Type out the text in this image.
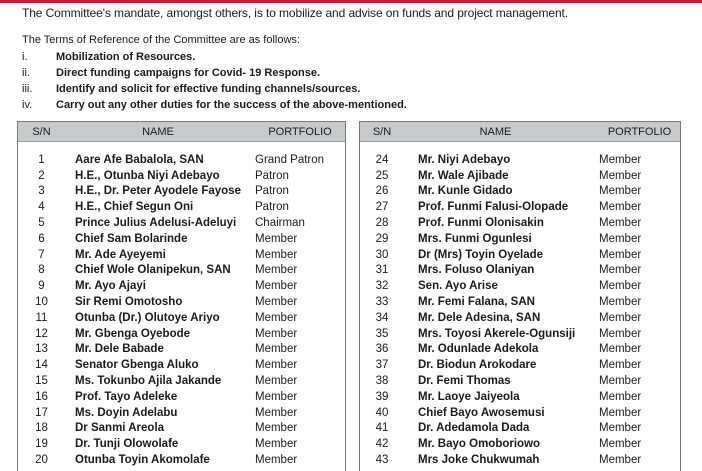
The Committee's mandate, amongst others, is to mobilize and advise on funds and project management.
The Terms of Reference of the Committee are as follows:
i.	Mobilization of Resources.
ii.	Direct funding campaigns for Covid- 19 Response.
iii.	Identify and solicit for effective funding channels/sources.
iv.	Carry out any other duties for the success of the above-mentioned.
S/N	NAME	PORTFOLIO
1	Aare Afe Babalola, SAN	Grand Patron
2	H.E., Otunba Niyi Adebayo	Patron
3	H.E., Dr. Peter Ayodele Fayose	Patron
4	H.E., Chief Segun Oni	Patron
5	Prince Julius Adelusi-Adeluyi	Chairman
6	Chief Sam Bolarinde	Member
7	Mr. Ade Ayeyemi	Member
8	Chief Wole Olanipekun, SAN	Member
9	Mr. Ayo Ajayi	Member
10	Sir Remi Omotosho	Member
11	Otunba (Dr.) Olutoye Ariyo	Member
12	Mr. Gbenga Oyebode	Member
13	Mr. Dele Babade	Member
14	Senator Gbenga Aluko	Member
15	Ms. Tokunbo Ajila Jakande	Member
16	Prof. Tayo Adeleke	Member
17	Ms. Doyin Adelabu	Member
18	Dr Sanmi Areola	Member
19	Dr. Tunji Olowolafe	Member
20	Otunba Toyin Akomolafe	Member
S/N	NAME	PORTFOLIO
24	Mr. Niyi Adebayo	Member
25	Mr. Wale Ajibade	Member
26	Mr. Kunle Gidado	Member
27	Prof. Funmi Falusi-Olopade	Member
28	Prof. Funmi Olonisakin	Member
29	Mrs. Funmi Ogunlesi	Member
30	Dr (Mrs) Toyin Oyelade	Member
31	Mrs. Foluso Olaniyan	Member
32	Sen. Ayo Arise	Member
33	Mr. Femi Falana, SAN	Member
34	Mr. Dele Adesina, SAN	Member
35	Mrs. Toyosi Akerele-Ogunsiji	Member
36	Mr. Odunlade Adekola	Member
37	Dr. Biodun Arokodare	Member
38	Dr. Femi Thomas	Member
39	Mr. Laoye Jaiyeola	Member
40	Chief Bayo Awosemusi	Member
41	Dr. Adedamola Dada	Member
42	Mr. Bayo Omoboriowo	Member
43	Mrs Joke Chukwumah	Member
